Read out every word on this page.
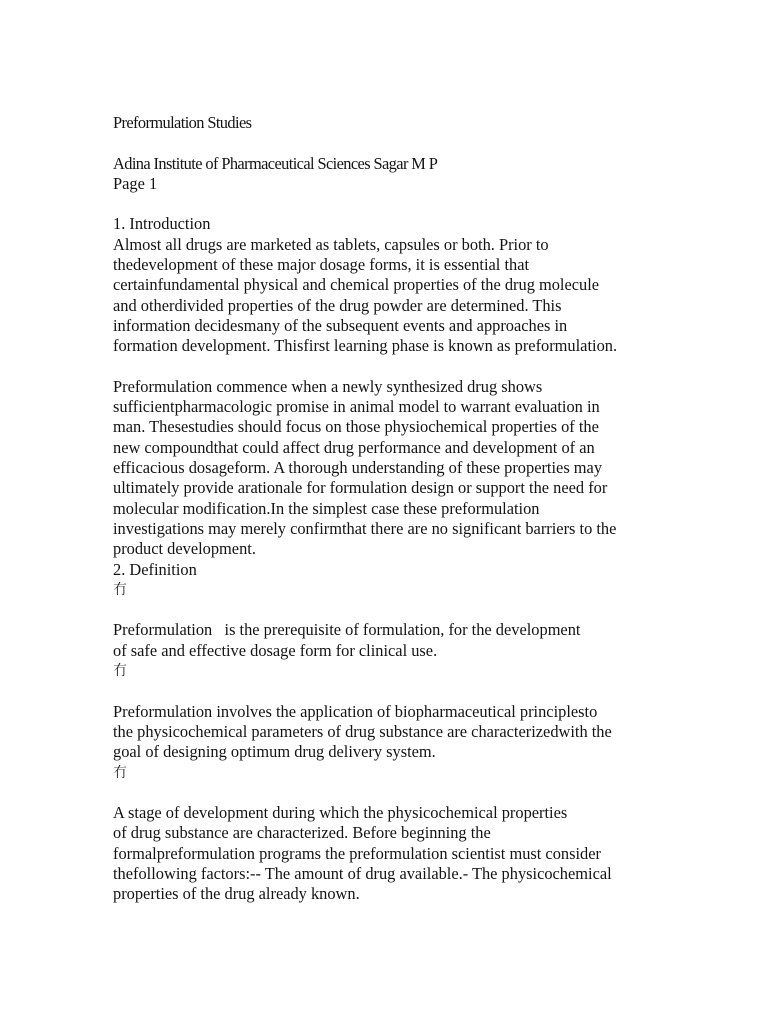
Preformulation Studies
Adina Institute of Pharmaceutical Sciences Sagar M P
Page 1
1. Introduction
Almost all drugs are marketed as tablets, capsules or both. Prior to
thedevelopment of these major dosage forms, it is essential that
certainfundamental physical and chemical properties of the drug molecule
and otherdivided properties of the drug powder are determined. This
information decidesmany of the subsequent events and approaches in
formation development. Thisfirst learning phase is known as preformulation.
Preformulation commence when a newly synthesized drug shows
sufficientpharmacologic promise in animal model to warrant evaluation in
man. Thesestudies should focus on those physiochemical properties of the
new compoundthat could affect drug performance and development of an
efficacious dosageform. A thorough understanding of these properties may
ultimately provide arationale for formulation design or support the need for
molecular modification.In the simplest case these preformulation
investigations may merely confirmthat there are no significant barriers to the
product development.
2. Definition
冇
Preformulation   is the prerequisite of formulation, for the development
of safe and effective dosage form for clinical use.
冇
Preformulation involves the application of biopharmaceutical principlesto
the physicochemical parameters of drug substance are characterizedwith the
goal of designing optimum drug delivery system.
冇
A stage of development during which the physicochemical properties
of drug substance are characterized. Before beginning the
formalpreformulation programs the preformulation scientist must consider
thefollowing factors:-- The amount of drug available.- The physicochemical
properties of the drug already known.
